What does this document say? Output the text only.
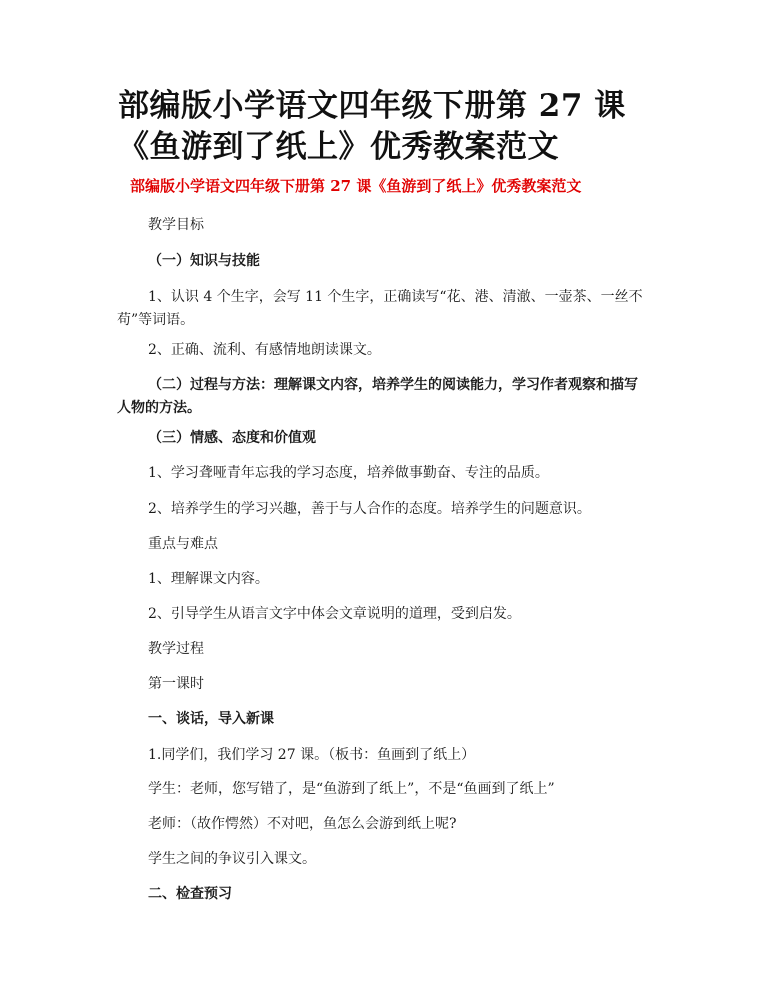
部编版小学语文四年级下册第 27 课《鱼游到了纸上》优秀教案范文
部编版小学语文四年级下册第 27 课《鱼游到了纸上》优秀教案范文
教学目标
（一）知识与技能
1、认识 4 个生字，会写 11 个生字，正确读写“花、港、清澈、一壶茶、一丝不苟”等词语。
2、正确、流利、有感情地朗读课文。
（二）过程与方法：理解课文内容，培养学生的阅读能力，学习作者观察和描写人物的方法。
（三）情感、态度和价值观
1、学习聋哑青年忘我的学习态度，培养做事勤奋、专注的品质。
2、培养学生的学习兴趣，善于与人合作的态度。培养学生的问题意识。
重点与难点
1、理解课文内容。
2、引导学生从语言文字中体会文章说明的道理，受到启发。
教学过程
第一课时
一、谈话，导入新课
1.同学们，我们学习 27 课。（板书：鱼画到了纸上）
学生：老师，您写错了，是“鱼游到了纸上”，不是“鱼画到了纸上”
老师：（故作愕然）不对吧，鱼怎么会游到纸上呢?
学生之间的争议引入课文。
二、检查预习
